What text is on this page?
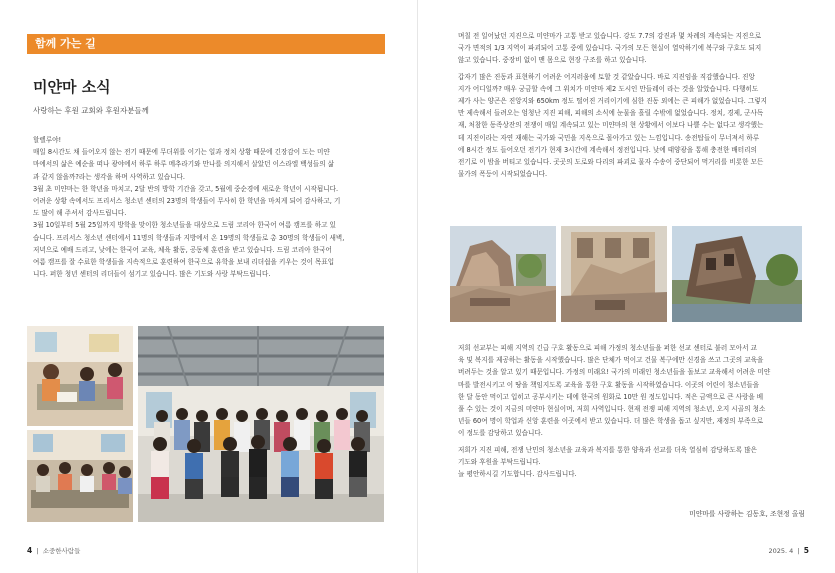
함께 가는 길
미얀마 소식
사랑하는 후원 교회와 후원자분들께

할렐루야!

매일 8시간도 채 들어오지 않는 전기 때문에 무더위를 이기는 일과 정치 상황 때문에 긴장감이 도는 미얀

마에서의 삶은 예순을 떠나 광야에서 하루 하루 메추라기와 만나를 의지해서 살았던 이스라엘 백성들의 삶

과 같지 않을까?라는 생각을 하며 사역하고 있습니다.

3월 초 미얀마는 한 학년을 마치고, 2달 반의 방학 기간을 갖고, 5월에 중순경에 새로운 학년이 시작됩니다.

어려운 상황 속에서도 프리서스 청소년 센터의 23명의 학생들이 무사히 한 학년을 마치게 되어 감사하고, 기

도 많이 해 주셔서 감사드립니다.

3월 10일부터 5월 25일까지 방학을 맞이한 청소년들을 대상으로 드림 코리아 한국어 여름 캠프를 하고 있

습니다. 프리서스 청소년 센터에서 11명의 학생들과 지방에서 온 19명의 학생들로 총 30명의 학생들이 새벽,

저녁으로 예배 드리고, 낮에는 한국어 교육, 체육 활동, 공동체 훈련을 받고 있습니다. 드림 코리아 한국어

여름 캠프를 잘 수료한 학생들을 지속적으로 훈련하여 한국으로 유학을 보내 리더쉽을 키우는 것이 목표입

니다. 퍼한 청년 센터의 리더들이 섬기고 있습니다. 많은 기도와 사랑 부탁드립니다.

4  |  소중한사람들

며칠 전 일어났던 지진으로 미얀마가 고통 받고 있습니다. 강도 7.7의 강진과 몇 차례의 계속되는 지진으로

국가 면적의 1/3 지역이 파괴되어 고통 중에 있습니다. 국가의 모든 현실이 열악하기에 복구와 구호도 되지

않고 있습니다. 중장비 없이 맨 몸으로 현장 구조를 하고 있습니다.

갑자기 많은 진동과 표현하기 어려운 어지러움에 토할 것 같았습니다. 바로 지진임을 직감했습니다. 진앙

지가 어디일까? 매우 궁금할 속에 그 위치가 미얀마 제2 도시인 만들레이 라는 것을 알았습니다. 다행히도

제가 사는 양곤은 진앙지와 650km 정도 떨어진 거리이기에 심한 진동 외에는 큰 피해가 없었습니다. 그렇지

만 제속해서 들려오는 엄청난 지진 피해, 피해의 소식에 눈물을 흘릴 수밖에 없었습니다. 정치, 경제, 군사독

재, 처참한 동족상잔의 전쟁이 매일 계속되고 있는 미얀마의 현 상황에서 이보다 나쁠 수는 없다고 생각했는

데 지진이라는 자연 재해는 국가와 국민을 지옥으로 몰아가고 있는 느낌입니다. 송전탑들이 무너져서 하루

에 8시간 정도 들어오던 전기가 현재 3시간에 계속해서 정전입니다. 낮에 태양광을 통해 충전한 배터리의

전기로 이 밤을 버티고 있습니다. 곳곳의 도로와 다리의 파괴로 물자 수송이 중단되어 먹거리를 비롯한 모든

물가의 폭등이 시작되었습니다.

저희 선교부는 피해 지역의 긴급 구호 활동으로 피해 가정의 청소년들을 퍼한 선교 센터로 불러 모아서 교

육 및 복지를 제공하는 활동을 시작했습니다. 많은 단체가 먹이고 건물 복구에만 신경을 쓰고 그곳의 교육을

버려두는 것을 알고 있기 때문입니다. 가정의 미래요! 국가의 미래인 청소년들을 돌보고 교육해서 어려운 미얀

마를 발전시키고 이 땅을 책임지도록 교육을 통한 구호 활동을 시작하였습니다. 이곳의 어린이 청소년들을

한 달 동안 먹이고 입히고 공부시키는 데에 한국의 원화로 10만 원 정도입니다. 적은 금액으로 큰 사랑을 베

풀 수 있는 것이 지금의 미얀마 현실이며, 저희 사역입니다. 현재 전쟁 피해 지역의 청소년, 오지 시골의 청소

년들 60여 명이 학업과 신앙 훈련을 이곳에서 받고 있습니다. 더 많은 학생을 돕고 싶지만, 재정의 부족으로

이 정도를 감당하고 있습니다.

저희가 지진 피해, 전쟁 난민의 청소년을 교육과 복지를 통한 양육과 선교를 더욱 열심히 감당하도록 많은

기도와 후원을 부탁드립니다.

늘 평안하시길 기도합니다. 감사드립니다.

미얀마를 사랑하는 김동호, 조현정 올림
2025. 4  |  5
